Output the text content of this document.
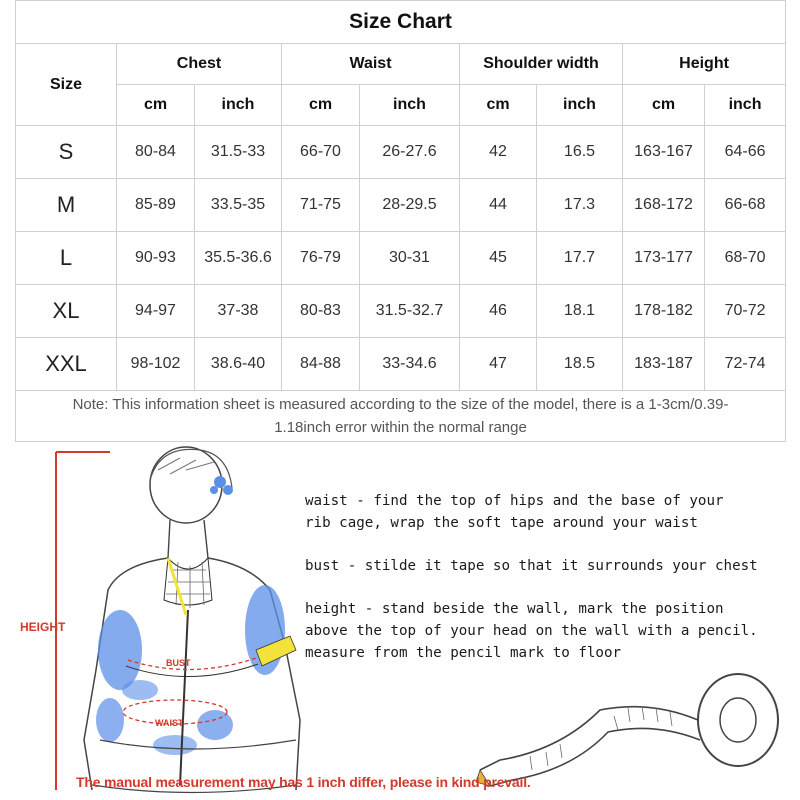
Size Chart								
Size	Chest		Waist		Shoulder width		Height	
	cm	inch	cm	inch	cm	inch	cm	inch
S	80-84	31.5-33	66-70	26-27.6	42	16.5	163-167	64-66
M	85-89	33.5-35	71-75	28-29.5	44	17.3	168-172	66-68
L	90-93	35.5-36.6	76-79	30-31	45	17.7	173-177	68-70
XL	94-97	37-38	80-83	31.5-32.7	46	18.1	178-182	70-72
XXL	98-102	38.6-40	84-88	33-34.6	47	18.5	183-187	72-74
Note: This information sheet is measured according to the size of the model, there is a 1-3cm/0.39-1.18inch error within the normal range								
HEIGHT
BUST
WAIST
waist - find the top of hips and the base of your
rib cage, wrap the soft tape around your waist
bust - stilde it tape so that it surrounds your chest
height - stand beside the wall, mark the position
above the top of your head on the wall with a pencil.
measure from the pencil mark to floor
The manual measurement may has 1 inch differ, please in kind prevail.
